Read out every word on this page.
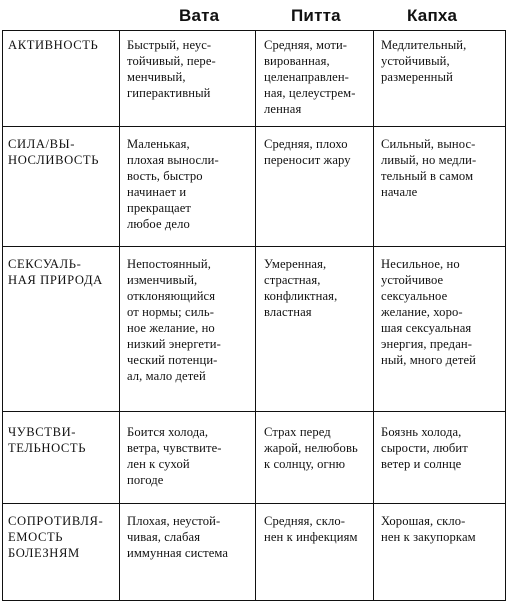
Вата	Питта	Капха
АКТИВНОСТЬ Быстрый, неус-
тойчивый, пере-
менчивый,
гиперактивный
Средняя, моти-
вированная,
целенаправлен-
ная, целеустрем-
ленная
Медлительный,
устойчивый,
размеренный
СИЛА/ВЫ-
НОСЛИВОСТЬ
Маленькая,
плохая выносли-
вость, быстро
начинает и
прекращает
любое дело
Средняя, плохо
переносит жару
Сильный, вынос-
ливый, но медли-
тельный в самом
начале
СЕКСУАЛЬ-
НАЯ ПРИРОДА
Непостоянный,
изменчивый,
отклоняющийся
от нормы; силь-
ное желание, но
низкий энергети-
ческий потенци-
ал, мало детей
Умеренная,
страстная,
конфликтная,
властная
Несильное, но
устойчивое
сексуальное
желание, хоро-
шая сексуальная
энергия, предан-
ный, много детей
ЧУВСТВИ-
ТЕЛЬНОСТЬ
Боится холода,
ветра, чувствите-
лен к сухой
погоде
Страх перед
жарой, нелюбовь
к солнцу, огню
Боязнь холода,
сырости, любит
ветер и солнце
СОПРОТИВЛЯ-
ЕМОСТЬ
БОЛЕЗНЯМ
Плохая, неустой-
чивая, слабая
иммунная система
Средняя, скло-
нен к инфекциям
Хорошая, скло-
нен к закупоркам
